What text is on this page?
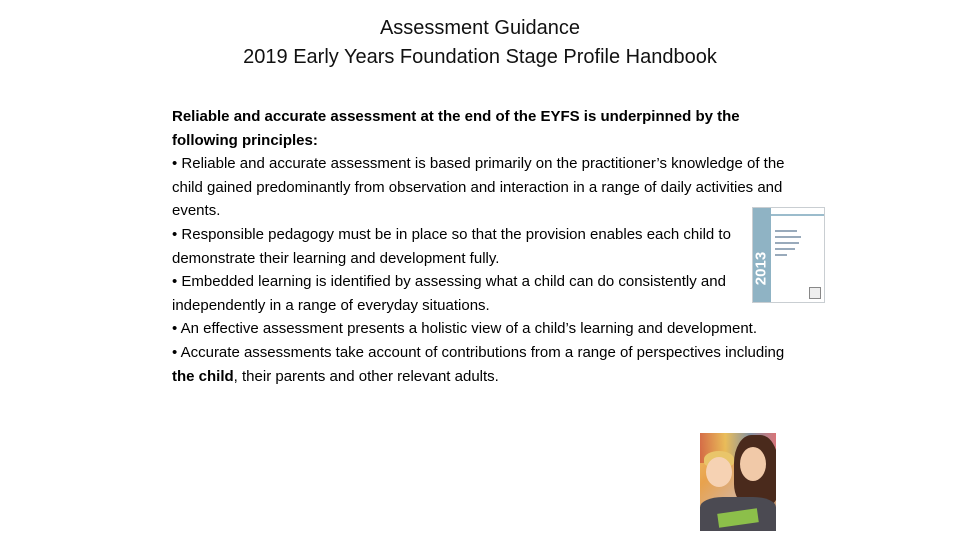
Assessment Guidance
2019 Early Years Foundation Stage Profile Handbook

Reliable and accurate assessment at the end of the EYFS is underpinned by the following principles:

• Reliable and accurate assessment is based primarily on the practitioner’s knowledge of the child gained predominantly from observation and interaction in a range of daily activities and events.

• Responsible pedagogy must be in place so that the provision enables each child to demonstrate their learning and development fully.

• Embedded learning is identified by assessing what a child can do consistently and independently in a range of everyday situations.

• An effective assessment presents a holistic view of a child’s learning and development.

• Accurate assessments take account of contributions from a range of perspectives including the child, their parents and other relevant adults.

2013
